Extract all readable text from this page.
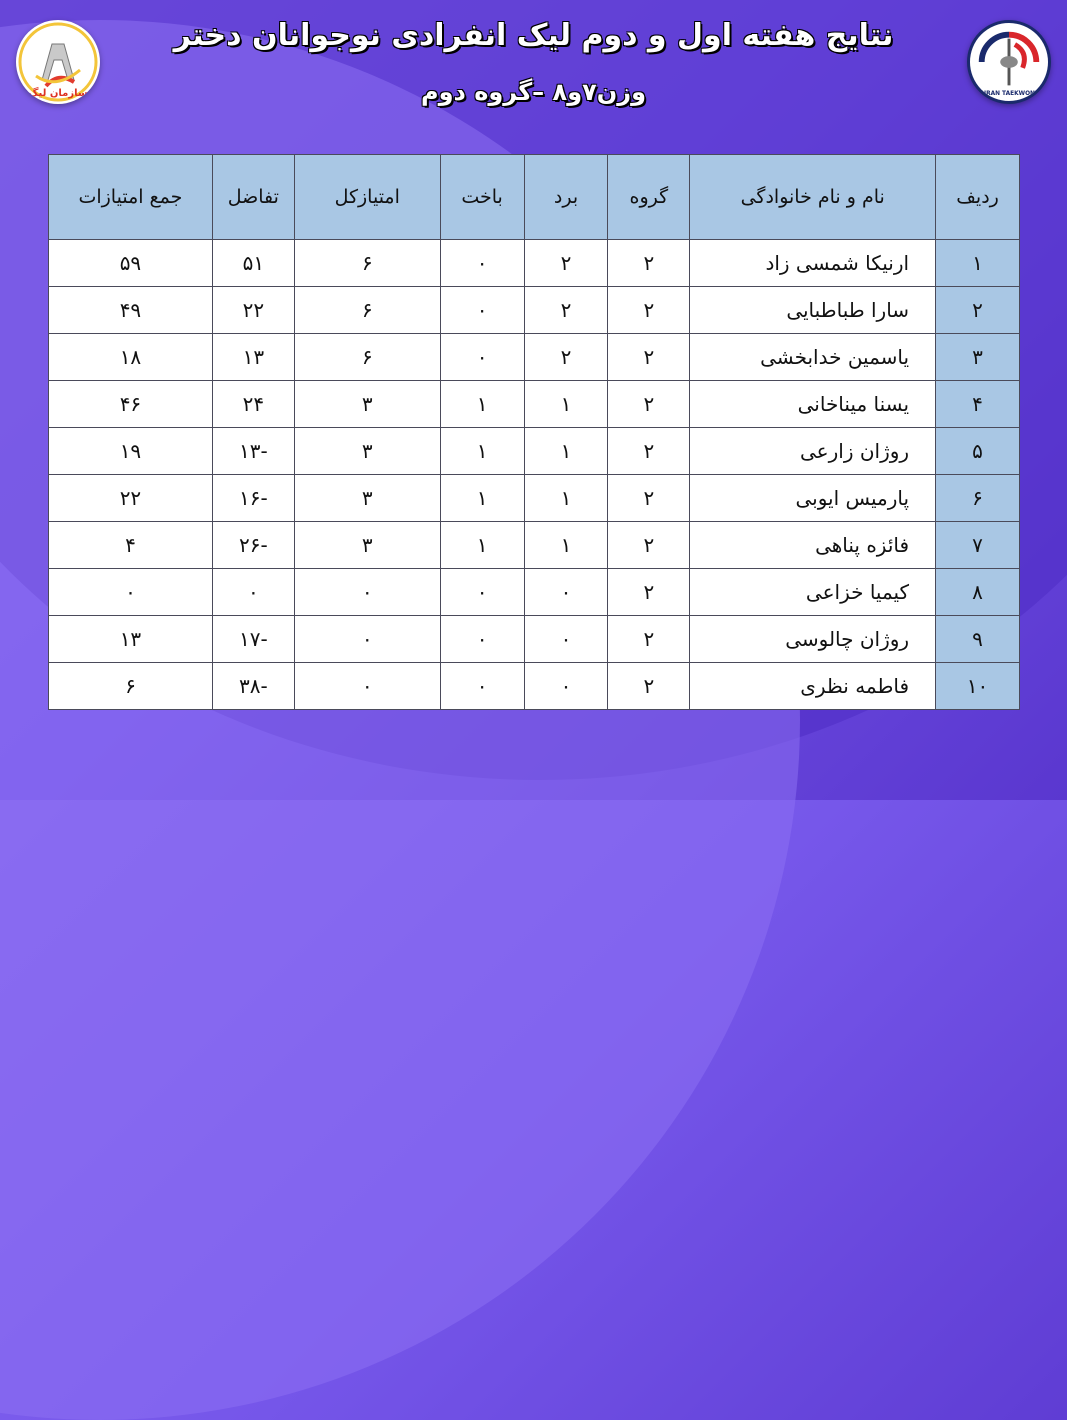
سازمان لیگ	TEHRAN TAEKWONDO
نتایج هفته اول و دوم لیک انفرادی نوجوانان دختر
وزن۷و۸ –گروه دوم
ردیف	نام و نام خانوادگی	گروه	برد	باخت	امتیازکل	تفاضل	جمع امتیازات
۱	ارنیکا شمسی زاد	۲	۲	۰	۶	۵۱	۵۹
۲	سارا طباطبایی	۲	۲	۰	۶	۲۲	۴۹
۳	یاسمین خدابخشی	۲	۲	۰	۶	۱۳	۱۸
۴	یسنا میناخانی	۲	۱	۱	۳	۲۴	۴۶
۵	روژان زارعی	۲	۱	۱	۳	-۱۳	۱۹
۶	پارمیس ایوبی	۲	۱	۱	۳	-۱۶	۲۲
۷	فائزه پناهی	۲	۱	۱	۳	-۲۶	۴
۸	کیمیا خزاعی	۲	۰	۰	۰	۰	۰
۹	روژان چالوسی	۲	۰	۰	۰	-۱۷	۱۳
۱۰	فاطمه نظری	۲	۰	۰	۰	-۳۸	۶
